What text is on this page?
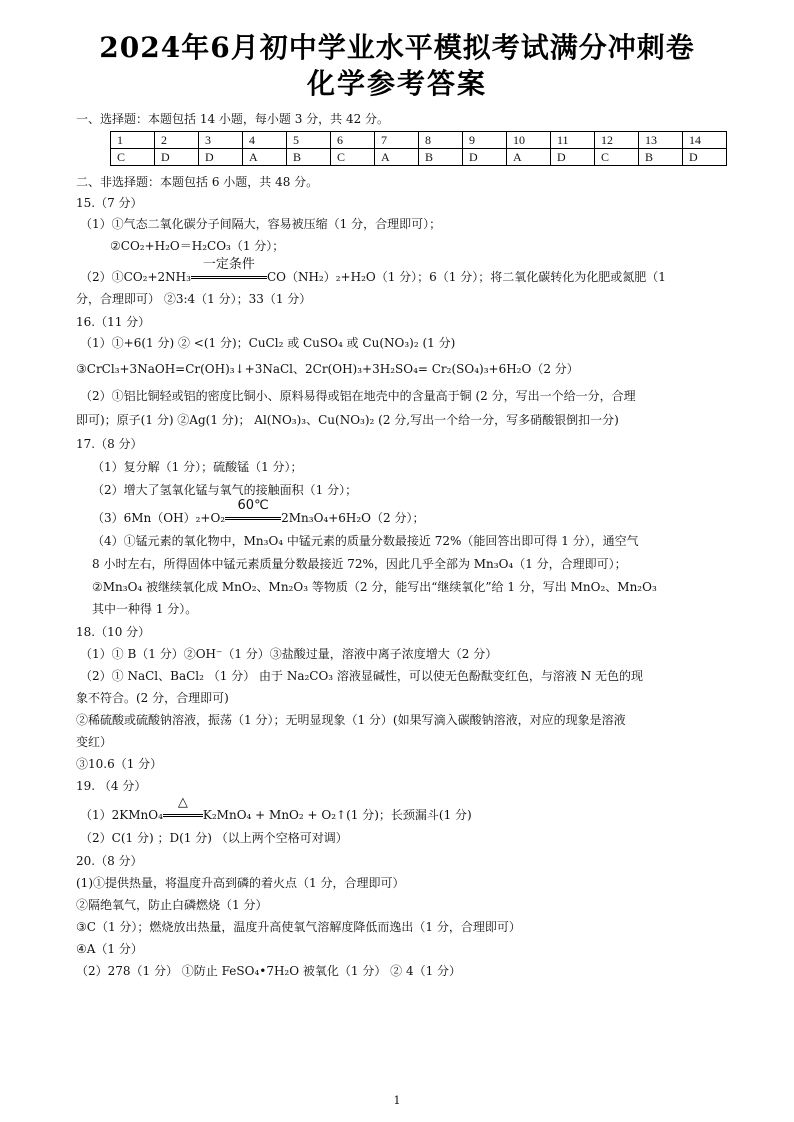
2024年6月初中学业水平模拟考试满分冲刺卷
化学参考答案
一、选择题：本题包括 14 小题，每小题 3 分，共 42 分。
1	2	3	4	5	6	7	8	9	10	11	12	13	14
C	D	D	A	B	C	A	B	D	A	D	C	B	D
二、非选择题：本题包括 6 小题，共 48 分。
15.（7 分）
（1）①气态二氧化碳分子间隔大，容易被压缩（1 分，合理即可）；
②CO₂+H₂O＝H₂CO₃（1 分）；
（2）①CO₂+2NH₃
一定条件
CO（NH₂）₂+H₂O（1 分）；6（1 分）；将二氧化碳转化为化肥或氮肥（1
分，合理即可） ②3:4（1 分）；33（1 分）
16.（11 分）
（1）①+6(1 分) ② <(1 分)；CuCl₂ 或 CuSO₄ 或 Cu(NO₃)₂ (1 分)
③CrCl₃+3NaOH=Cr(OH)₃↓+3NaCl、2Cr(OH)₃+3H₂SO₄= Cr₂(SO₄)₃+6H₂O（2 分）
（2）①铝比铜轻或铝的密度比铜小、原料易得或铝在地壳中的含量高于铜 (2 分，写出一个给一分，合理
即可)；原子(1 分) ②Ag(1 分)； Al(NO₃)₃、Cu(NO₃)₂ (2 分,写出一个给一分，写多硝酸银倒扣一分)
17.（8 分）
（1）复分解（1 分）；硫酸锰（1 分）；
（2）增大了氢氧化锰与氧气的接触面积（1 分）；
（3）6Mn（OH）₂+O₂
60℃
2Mn₃O₄+6H₂O（2 分）；
（4）①锰元素的氧化物中，Mn₃O₄ 中锰元素的质量分数最接近 72%（能回答出即可得 1 分），通空气
8 小时左右，所得固体中锰元素质量分数最接近 72%，因此几乎全部为 Mn₃O₄（1 分，合理即可）；
②Mn₃O₄ 被继续氧化成 MnO₂、Mn₂O₃ 等物质（2 分，能写出“继续氧化”给 1 分，写出 MnO₂、Mn₂O₃
其中一种得 1 分）。
18.（10 分）
（1）① B（1 分）②OH⁻（1 分）③盐酸过量，溶液中离子浓度增大（2 分）
（2）① NaCl、BaCl₂ （1 分） 由于 Na₂CO₃ 溶液显碱性，可以使无色酚酞变红色，与溶液 N 无色的现
象不符合。(2 分，合理即可)
②稀硫酸或硫酸钠溶液，振荡（1 分）；无明显现象（1 分）(如果写滴入碳酸钠溶液，对应的现象是溶液
变红）
③10.6（1 分）
19. （4 分）
（1）2KMnO₄
△
K₂MnO₄ + MnO₂ + O₂↑(1 分)；长颈漏斗(1 分)
（2）C(1 分) ；D(1 分) （以上两个空格可对调）
20.（8 分）
(1)①提供热量，将温度升高到磷的着火点（1 分，合理即可）
②隔绝氧气，防止白磷燃烧（1 分）
③C（1 分）；燃烧放出热量，温度升高使氧气溶解度降低而逸出（1 分，合理即可）
④A（1 分）
（2）278（1 分） ①防止 FeSO₄•7H₂O 被氧化（1 分） ② 4（1 分）
1
